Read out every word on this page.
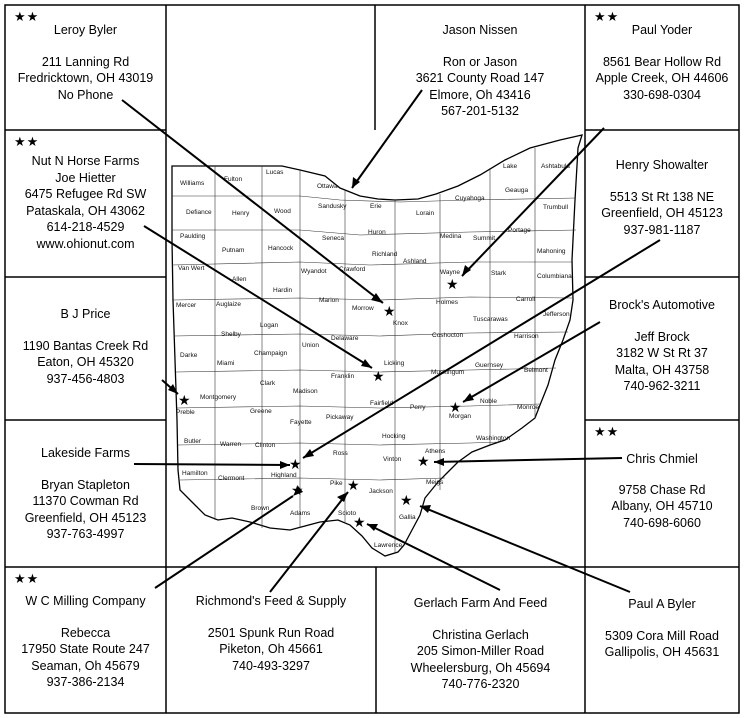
Williams
Fulton
Lucas
Ottawa
Lake	Ashtabula
Sandusky	Erie
Lorain
Cuyahoga
Geauga
Defiance	Henry	Wood
Trumbull
Paulding	Seneca
Huron
Medina Summit
Portage
Putnam	Hancock	Mahoning
Van Wert	Wyandot Crawford
Richland
Ashland
Wayne	Stark	Columbiana
Allen
Hardin
Mercer	Auglaize
Marion
Morrow
Knox
Holmes	Carroll
Jefferson
Tuscarawas
Shelby
Logan
Union
Delaware	Coshocton	Harrison
Champaign
Darke
Miami	Licking
Muskingum
Guernsey
Belmont
Clark
Franklin
Madison
Preble
Montgomery
Greene
Fairfield
Perry
Morgan
Noble
Monroe
Fayette
Pickaway
Butler	Warren Clinton
Hocking
Athens
Washington
Ross
Vinton
Hamilton
Clermont	Highland
Meigs
Pike
Jackson
Brown
Adams	Scioto
Gallia
Lawrence
★
★
★
★	★
★	★
★	★
★
★
★★
Leroy Byler
211 Lanning Rd
Fredricktown, OH 43019
No Phone
Jason Nissen
Ron or Jason
3621 County Road 147
Elmore, Oh 43416
567-201-5132
★★
Paul Yoder
8561 Bear Hollow Rd
Apple Creek, OH 44606
330-698-0304
★★
Nut N Horse Farms
Joe Hietter
6475 Refugee Rd SW
Pataskala, OH 43062
614-218-4529
www.ohionut.com
Henry Showalter
5513 St Rt 138 NE
Greenfield, OH 45123
937-981-1187
B J Price
1190 Bantas Creek Rd
Eaton, OH 45320
937-456-4803
Brock's Automotive
Jeff Brock
3182 W St Rt 37
Malta, OH 43758
740-962-3211
Lakeside Farms
Bryan Stapleton
11370 Cowman Rd
Greenfield, OH 45123
937-763-4997
★★
Chris Chmiel
9758 Chase Rd
Albany, OH 45710
740-698-6060
★★
W C Milling Company
Rebecca
17950 State Route 247
Seaman, Oh 45679
937-386-2134
Richmond's Feed & Supply
2501 Spunk Run Road
Piketon, Oh 45661
740-493-3297
Gerlach Farm And Feed
Christina Gerlach
205 Simon-Miller Road
Wheelersburg, Oh 45694
740-776-2320
Paul A Byler
5309 Cora Mill Road
Gallipolis, OH 45631
